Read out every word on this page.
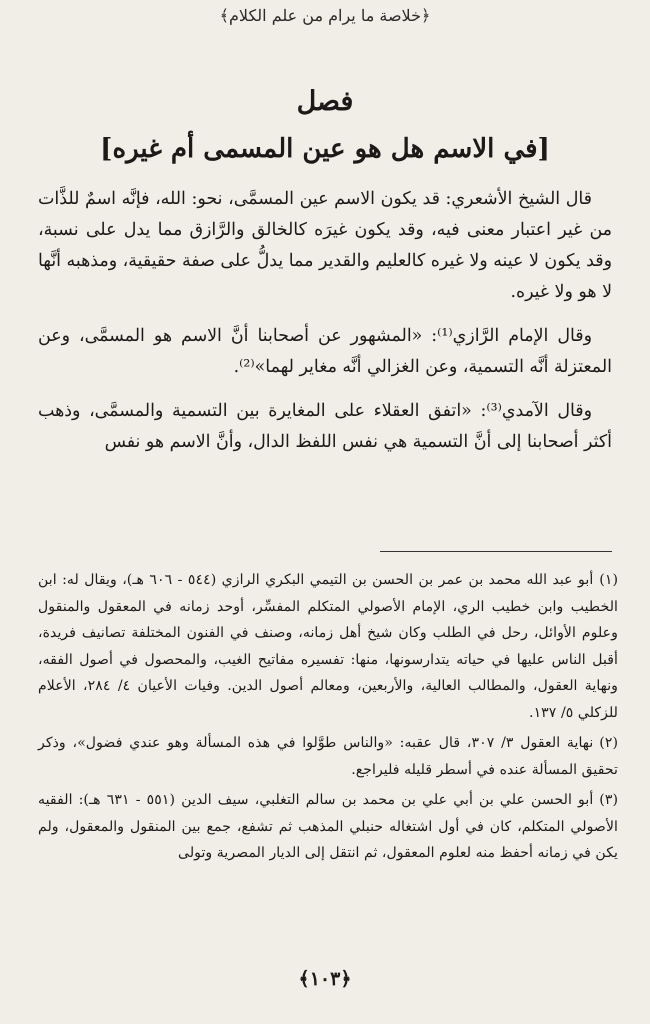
﴿خلاصة ما يرام من علم الكلام﴾
فصل
[في الاسم هل هو عين المسمى أم غيره]

قال الشيخ الأشعري: قد يكون الاسم عين المسمَّى، نحو: الله، فإنَّه اسمٌ للذَّات من غير اعتبار معنى فيه، وقد يكون غيرَه كالخالق والرَّازق مما يدل على نسبة، وقد يكون لا عينه ولا غيره كالعليم والقدير مما يدلُّ على صفة حقيقية، ومذهبه أنَّها لا هو ولا غيره.

وقال الإمام الرَّازي⁽¹⁾: «المشهور عن أصحابنا أنَّ الاسم هو المسمَّى، وعن المعتزلة أنَّه التسمية، وعن الغزالي أنَّه مغاير لهما»⁽²⁾.

وقال الآمدي⁽³⁾: «اتفق العقلاء على المغايرة بين التسمية والمسمَّى، وذهب أكثر أصحابنا إلى أنَّ التسمية هي نفس اللفظ الدال، وأنَّ الاسم هو نفس

(١)أبو عبد الله محمد بن عمر بن الحسن بن التيمي البكري الرازي (٥٤٤ - ٦٠٦ هـ)، ويقال له: ابن الخطيب وابن خطيب الري، الإمام الأصولي المتكلم المفسِّر، أوحد زمانه في المعقول والمنقول وعلوم الأوائل، رحل في الطلب وكان شيخ أهل زمانه، وصنف في الفنون المختلفة تصانيف فريدة، أقبل الناس عليها في حياته يتدارسونها، منها: تفسيره مفاتيح الغيب، والمحصول في أصول الفقه، ونهاية العقول، والمطالب العالية، والأربعين، ومعالم أصول الدين. وفيات الأعيان ٤/ ٢٨٤، الأعلام للزكلي ٥/ ١٣٧.

(٢)نهاية العقول ٣/ ٣٠٧، قال عقبه: «والناس طوَّلوا في هذه المسألة وهو عندي فضول»، وذكر تحقيق المسألة عنده في أسطر قليله فليراجع.

(٣)أبو الحسن علي بن أبي علي بن محمد بن سالم التغلبي، سيف الدين (٥٥١ - ٦٣١ هـ): الفقيه الأصولي المتكلم، كان في أول اشتغاله حنبلي المذهب ثم تشفع، جمع بين المنقول والمعقول، ولم يكن في زمانه أحفظ منه لعلوم المعقول، ثم انتقل إلى الديار المصرية وتولى

﴿١٠٣﴾
